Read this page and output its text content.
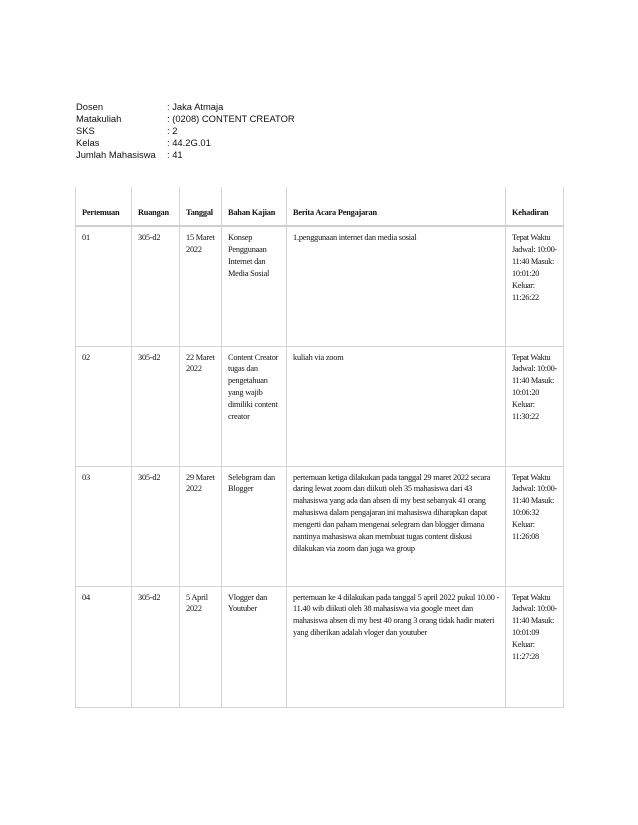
Dosen	: Jaka Atmaja
Matakuliah	: (0208) CONTENT CREATOR
SKS	: 2
Kelas	: 44.2G.01
Jumlah Mahasiswa	: 41
Pertemuan	Ruangan	Tanggal	Bahan Kajian	Berita Acara Pengajaran	Kehadiran
01	305-d2	15 Maret 2022	Konsep Penggunaan Internet dan Media Sosial	1.penggunaan internet dan media sosial	Tepat Waktu Jadwal: 10:00-11:40 Masuk: 10:01:20 Keluar: 11:26:22
02	305-d2	22 Maret 2022	Content Creator tugas dan pengetahuan yang wajib dimiliki content creator	kuliah via zoom	Tepat Waktu Jadwal: 10:00-11:40 Masuk: 10:01:20 Keluar: 11:30:22
03	305-d2	29 Maret 2022	Selebgram dan Blogger	pertemuan ketiga dilakukan pada tanggal 29 maret 2022 secara daring lewat zoom dan diikuti oleh 35 mahasiswa dari 43 mahasiswa yang ada dan absen di my best sebanyak 41 orang mahasiswa dalam pengajaran ini mahasiswa diharapkan dapat mengerti dan paham mengenai selegram dan blogger dimana nantinya mahasiswa akan membuat tugas content diskusi dilakukan via zoom dan juga wa group	Tepat Waktu Jadwal: 10:00-11:40 Masuk: 10:06:32 Keluar: 11:26:08
04	305-d2	5 April 2022	Vlogger dan Youtuber	pertemuan ke 4 dilakukan pada tanggal 5 april 2022 pukul 10.00 - 11.40 wib diikuti oleh 38 mahasiswa via google meet dan mahasiswa absen di my best 40 orang 3 orang tidak hadir materi yang diberikan adalah vloger dan youtuber	Tepat Waktu Jadwal: 10:00-11:40 Masuk: 10:01:09 Keluar: 11:27:28
